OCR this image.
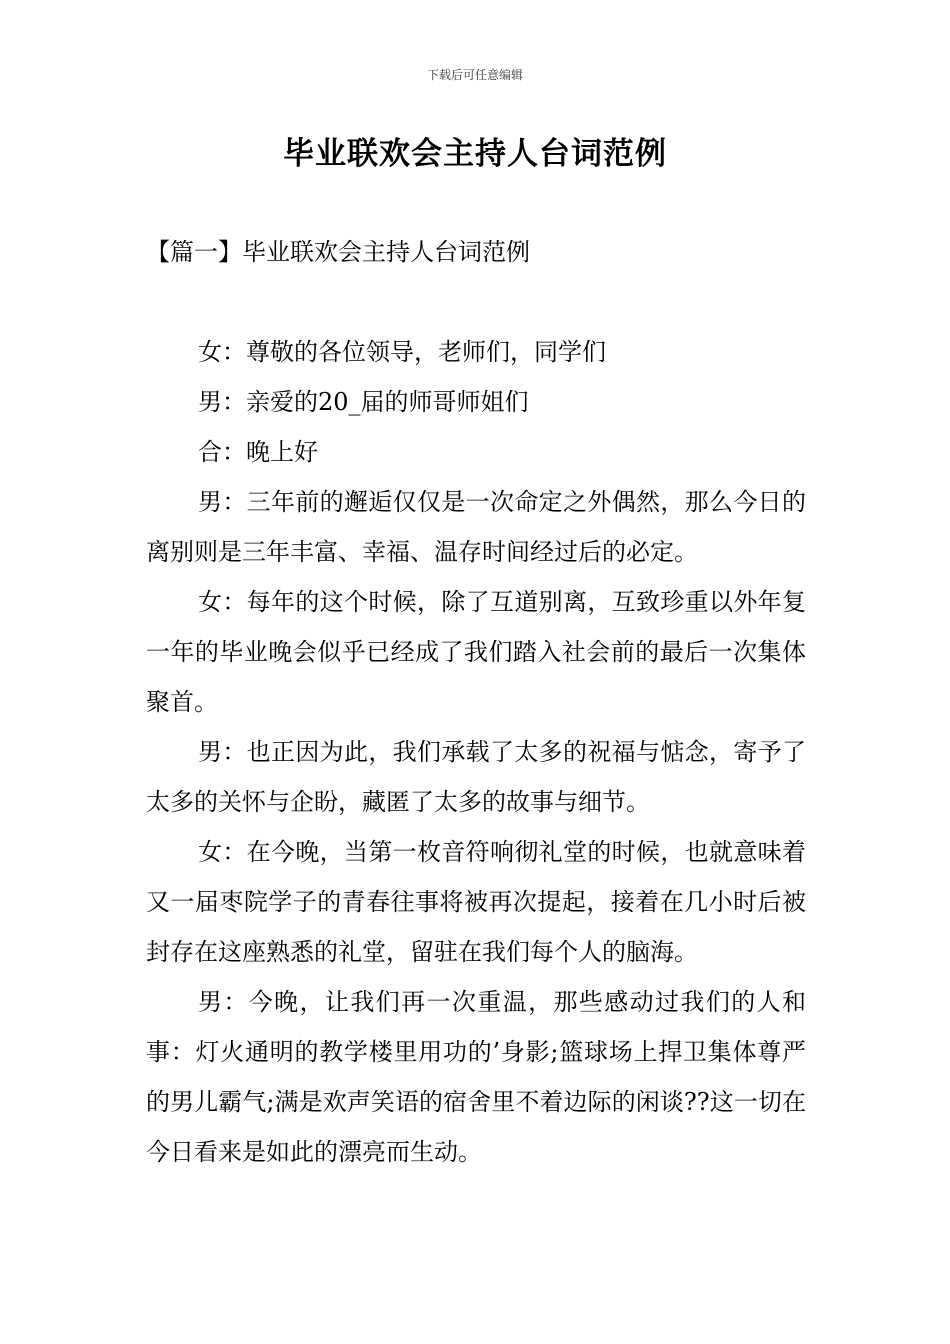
下载后可任意编辑
毕业联欢会主持人台词范例
【篇一】毕业联欢会主持人台词范例

女：尊敬的各位领导，老师们，同学们

男：亲爱的20_届的师哥师姐们

合：晚上好

男：三年前的邂逅仅仅是一次命定之外偶然，那么今日的离别则是三年丰富、幸福、温存时间经过后的必定。

女：每年的这个时候，除了互道别离，互致珍重以外年复一年的毕业晚会似乎已经成了我们踏入社会前的最后一次集体聚首。

男：也正因为此，我们承载了太多的祝福与惦念，寄予了太多的关怀与企盼，藏匿了太多的故事与细节。

女：在今晚，当第一枚音符响彻礼堂的时候，也就意味着又一届枣院学子的青春往事将被再次提起，接着在几小时后被封存在这座熟悉的礼堂，留驻在我们每个人的脑海。

男：今晚，让我们再一次重温，那些感动过我们的人和事：灯火通明的教学楼里用功的’身影;篮球场上捍卫集体尊严的男儿霸气;满是欢声笑语的宿舍里不着边际的闲谈??这一切在今日看来是如此的漂亮而生动。
